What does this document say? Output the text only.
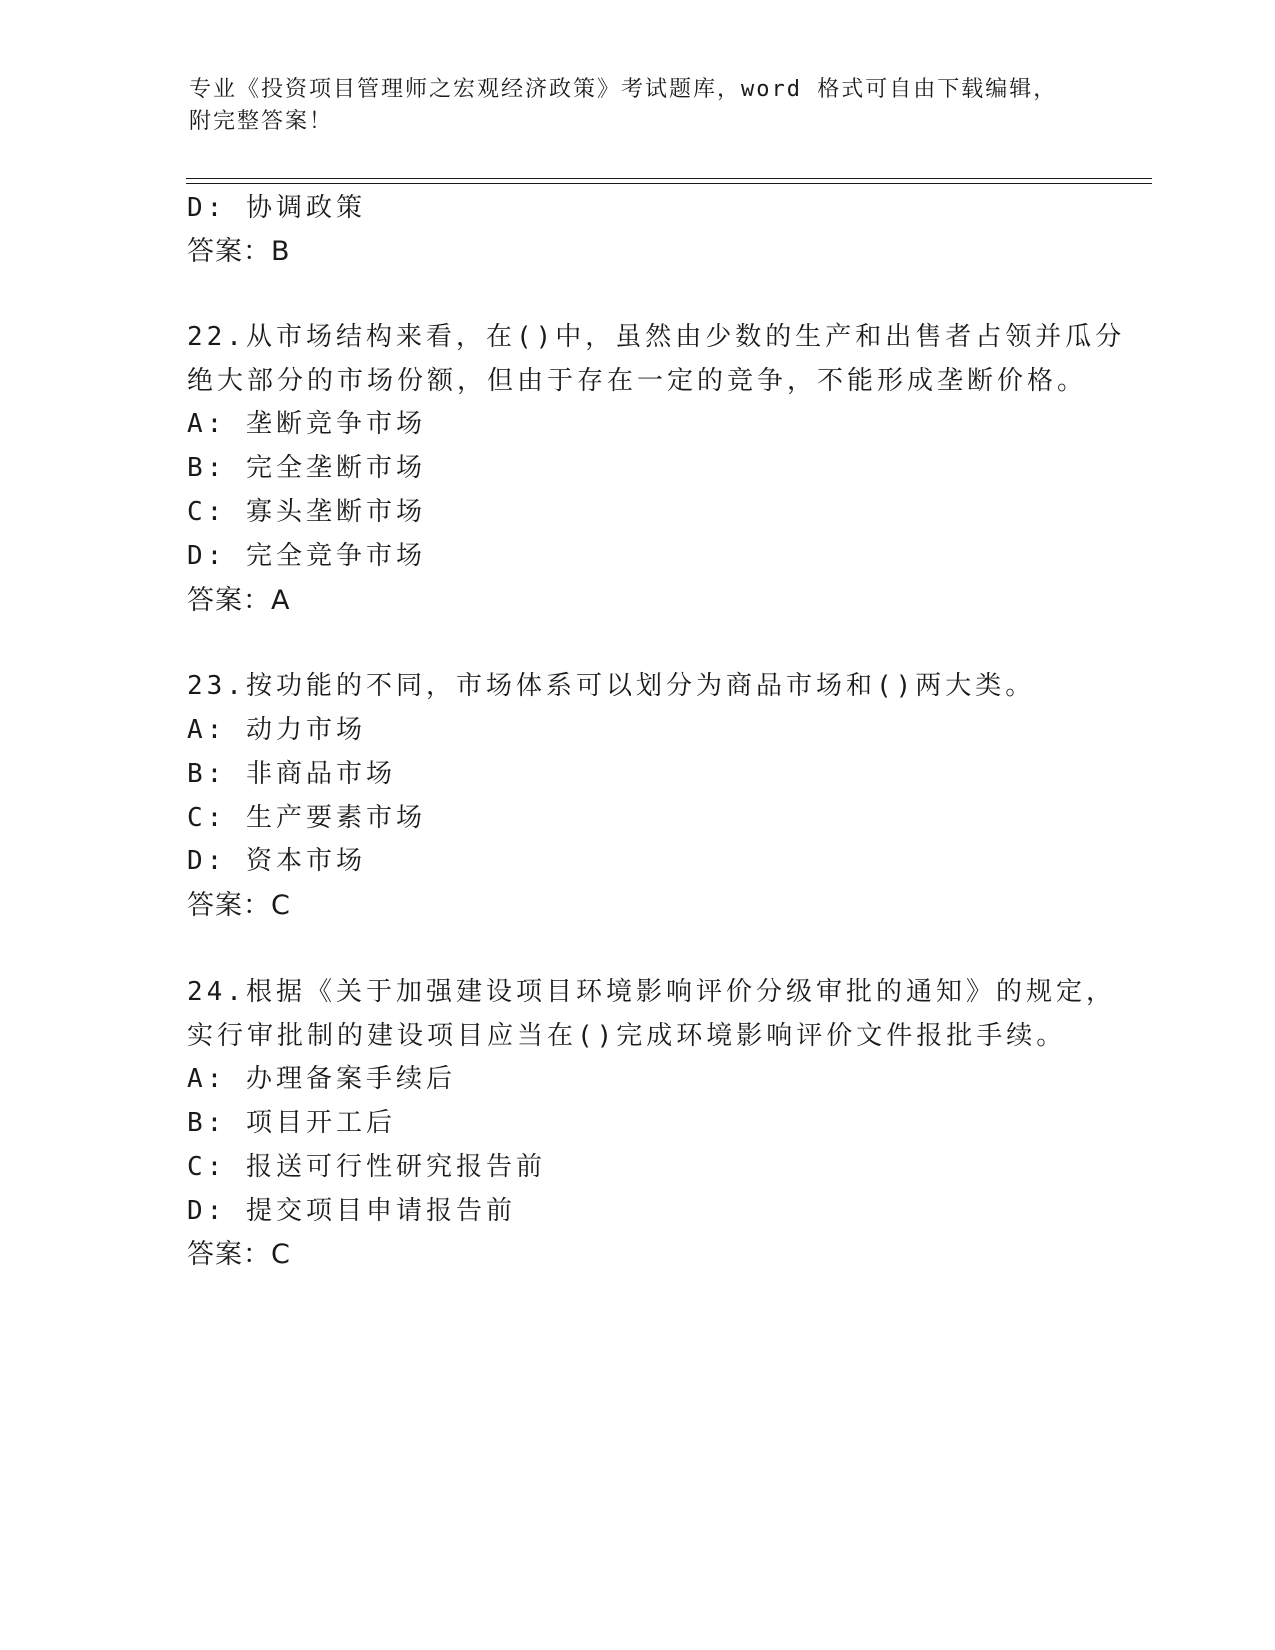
专业《投资项目管理师之宏观经济政策》考试题库，word 格式可自由下载编辑，
附完整答案！
D: 协调政策
答案：B
22.从市场结构来看，在()中，虽然由少数的生产和出售者占领并瓜分
绝大部分的市场份额，但由于存在一定的竞争，不能形成垄断价格。
A: 垄断竞争市场
B: 完全垄断市场
C: 寡头垄断市场
D: 完全竞争市场
答案：A
23.按功能的不同，市场体系可以划分为商品市场和()两大类。
A: 动力市场
B: 非商品市场
C: 生产要素市场
D: 资本市场
答案：C
24.根据《关于加强建设项目环境影响评价分级审批的通知》的规定，
实行审批制的建设项目应当在()完成环境影响评价文件报批手续。
A: 办理备案手续后
B: 项目开工后
C: 报送可行性研究报告前
D: 提交项目申请报告前
答案：C
